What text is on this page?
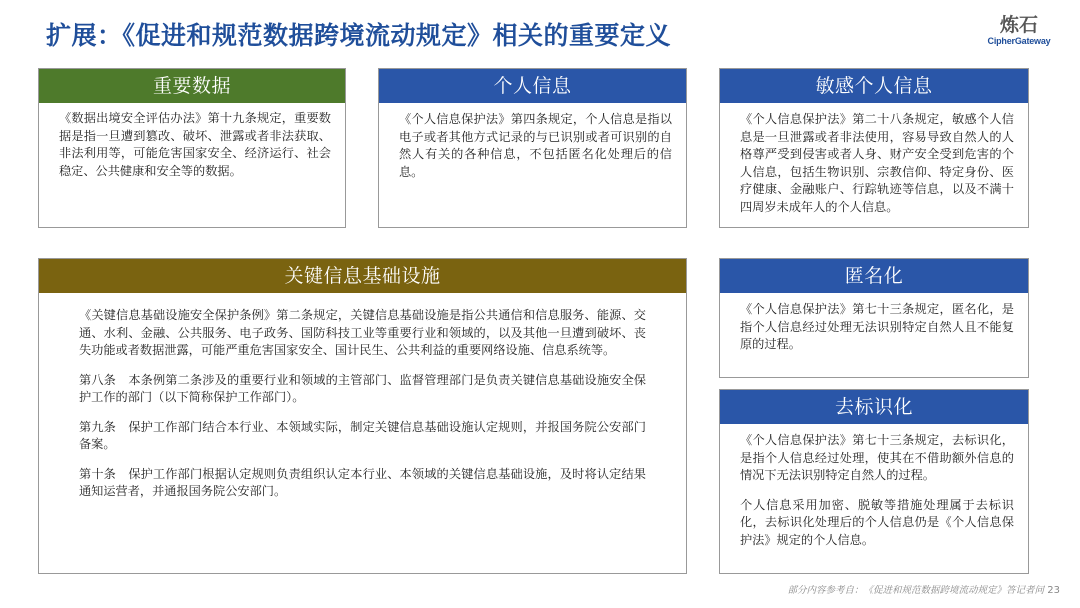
扩展：《促进和规范数据跨境流动规定》相关的重要定义	炼石
CipherGateway
重要数据

《数据出境安全评估办法》第十九条规定，重要数据是指一旦遭到篡改、破坏、泄露或者非法获取、非法利用等，可能危害国家安全、经济运行、社会稳定、公共健康和安全等的数据。

个人信息

《个人信息保护法》第四条规定，个人信息是指以电子或者其他方式记录的与已识别或者可识别的自然人有关的各种信息，不包括匿名化处理后的信息。

敏感个人信息

《个人信息保护法》第二十八条规定，敏感个人信息是一旦泄露或者非法使用，容易导致自然人的人格尊严受到侵害或者人身、财产安全受到危害的个人信息，包括生物识别、宗教信仰、特定身份、医疗健康、金融账户、行踪轨迹等信息，以及不满十四周岁未成年人的个人信息。

关键信息基础设施

《关键信息基础设施安全保护条例》第二条规定，关键信息基础设施是指公共通信和信息服务、能源、交通、水利、金融、公共服务、电子政务、国防科技工业等重要行业和领域的，以及其他一旦遭到破坏、丧失功能或者数据泄露，可能严重危害国家安全、国计民生、公共利益的重要网络设施、信息系统等。

第八条　本条例第二条涉及的重要行业和领域的主管部门、监督管理部门是负责关键信息基础设施安全保护工作的部门（以下简称保护工作部门）。

第九条　保护工作部门结合本行业、本领域实际，制定关键信息基础设施认定规则，并报国务院公安部门备案。

第十条　保护工作部门根据认定规则负责组织认定本行业、本领域的关键信息基础设施，及时将认定结果通知运营者，并通报国务院公安部门。

匿名化

《个人信息保护法》第七十三条规定，匿名化，是指个人信息经过处理无法识别特定自然人且不能复原的过程。

去标识化

《个人信息保护法》第七十三条规定，去标识化，是指个人信息经过处理，使其在不借助额外信息的情况下无法识别特定自然人的过程。

个人信息采用加密、脱敏等措施处理属于去标识化，去标识化处理后的个人信息仍是《个人信息保护法》规定的个人信息。

部分内容参考自：《促进和规范数据跨境流动规定》答记者问 23
